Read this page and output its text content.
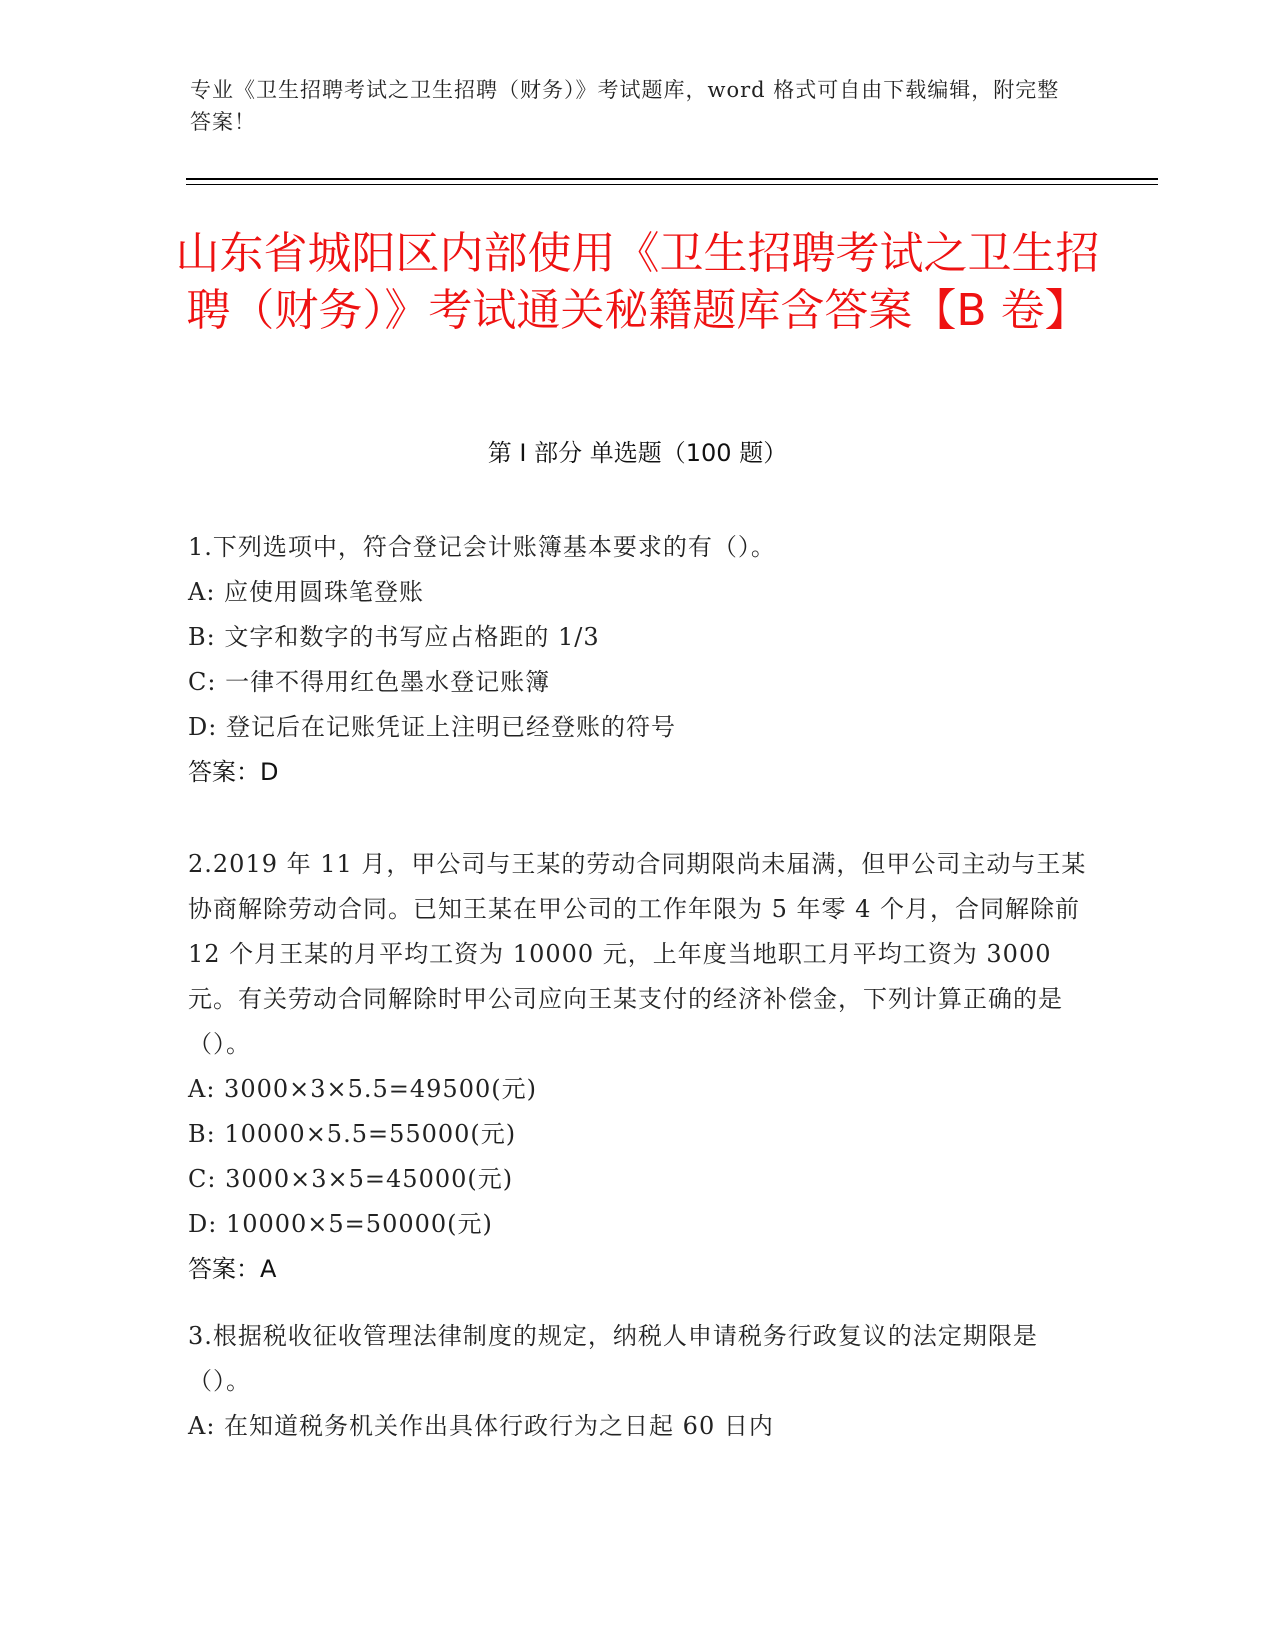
专业《卫生招聘考试之卫生招聘（财务）》考试题库，word 格式可自由下载编辑，附完整答案！
山东省城阳区内部使用《卫生招聘考试之卫生招聘（财务）》考试通关秘籍题库含答案【B 卷】
第 I 部分 单选题（100 题）
1.下列选项中，符合登记会计账簿基本要求的有（）。
A: 应使用圆珠笔登账
B: 文字和数字的书写应占格距的 1/3
C: 一律不得用红色墨水登记账簿
D: 登记后在记账凭证上注明已经登账的符号
答案：D
2.2019 年 11 月，甲公司与王某的劳动合同期限尚未届满，但甲公司主动与王某协商解除劳动合同。已知王某在甲公司的工作年限为 5 年零 4 个月，合同解除前 12 个月王某的月平均工资为 10000 元，上年度当地职工月平均工资为 3000 元。有关劳动合同解除时甲公司应向王某支付的经济补偿金，下列计算正确的是（）。
A: 3000×3×5.5=49500(元)
B: 10000×5.5=55000(元)
C: 3000×3×5=45000(元)
D: 10000×5=50000(元)
答案：A
3.根据税收征收管理法律制度的规定，纳税人申请税务行政复议的法定期限是（）。
A: 在知道税务机关作出具体行政行为之日起 60 日内
